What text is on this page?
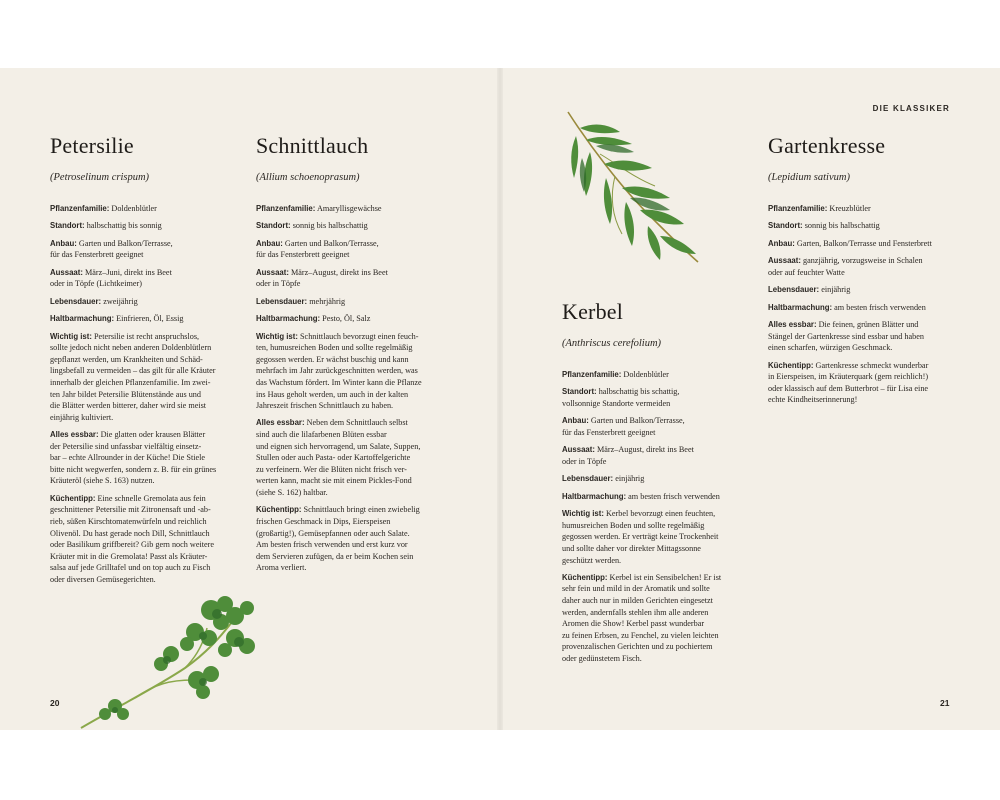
DIE KLASSIKER
Petersilie
(Petroselinum crispum)
Pflanzenfamilie: Doldenblütler
Standort: halbschattig bis sonnig
Anbau: Garten und Balkon/Terrasse,
für das Fensterbrett geeignet
Aussaat: März–Juni, direkt ins Beet
oder in Töpfe (Lichtkeimer)
Lebensdauer: zweijährig
Haltbarmachung: Einfrieren, Öl, Essig
Wichtig ist: Petersilie ist recht anspruchslos,
sollte jedoch nicht neben anderen Doldenblütlern
gepflanzt werden, um Krankheiten und Schäd-
lingsbefall zu vermeiden – das gilt für alle Kräuter
innerhalb der gleichen Pflanzenfamilie. Im zwei-
ten Jahr bildet Petersilie Blütenstände aus und
die Blätter werden bitterer, daher wird sie meist
einjährig kultiviert.
Alles essbar: Die glatten oder krausen Blätter
der Petersilie sind unfassbar vielfältig einsetz-
bar – echte Allrounder in der Küche! Die Stiele
bitte nicht wegwerfen, sondern z. B. für ein grünes
Kräuteröl (siehe S. 163) nutzen.
Küchentipp: Eine schnelle Gremolata aus fein
geschnittener Petersilie mit Zitronensaft und -ab-
rieb, süßen Kirschtomatenwürfeln und reichlich
Olivenöl. Du hast gerade noch Dill, Schnittlauch
oder Basilikum griffbereit? Gib gern noch weitere
Kräuter mit in die Gremolata! Passt als Kräuter-
salsa auf jede Grilltafel und on top auch zu Fisch
oder diversen Gemüsegerichten.
Schnittlauch
(Allium schoenoprasum)
Pflanzenfamilie: Amaryllisgewächse
Standort: sonnig bis halbschattig
Anbau: Garten und Balkon/Terrasse,
für das Fensterbrett geeignet
Aussaat: März–August, direkt ins Beet
oder in Töpfe
Lebensdauer: mehrjährig
Haltbarmachung: Pesto, Öl, Salz
Wichtig ist: Schnittlauch bevorzugt einen feuch-
ten, humusreichen Boden und sollte regelmäßig
gegossen werden. Er wächst buschig und kann
mehrfach im Jahr zurückgeschnitten werden, was
das Wachstum fördert. Im Winter kann die Pflanze
ins Haus geholt werden, um auch in der kalten
Jahreszeit frischen Schnittlauch zu haben.
Alles essbar: Neben dem Schnittlauch selbst
sind auch die lilafarbenen Blüten essbar
und eignen sich hervorragend, um Salate, Suppen,
Stullen oder auch Pasta- oder Kartoffelgerichte
zu verfeinern. Wer die Blüten nicht frisch ver-
werten kann, macht sie mit einem Pickles-Fond
(siehe S. 162) haltbar.
Küchentipp: Schnittlauch bringt einen zwiebelig
frischen Geschmack in Dips, Eierspeisen
(großartig!), Gemüsepfannen oder auch Salate.
Am besten frisch verwenden und erst kurz vor
dem Servieren zufügen, da er beim Kochen sein
Aroma verliert.
Kerbel
(Anthriscus cerefolium)
Pflanzenfamilie: Doldenblütler
Standort: halbschattig bis schattig,
vollsonnige Standorte vermeiden
Anbau: Garten und Balkon/Terrasse,
für das Fensterbrett geeignet
Aussaat: März–August, direkt ins Beet
oder in Töpfe
Lebensdauer: einjährig
Haltbarmachung: am besten frisch verwenden
Wichtig ist: Kerbel bevorzugt einen feuchten,
humusreichen Boden und sollte regelmäßig
gegossen werden. Er verträgt keine Trockenheit
und sollte daher vor direkter Mittagssonne
geschützt werden.
Küchentipp: Kerbel ist ein Sensibelchen! Er ist
sehr fein und mild in der Aromatik und sollte
daher auch nur in milden Gerichten eingesetzt
werden, andernfalls stehlen ihm alle anderen
Aromen die Show! Kerbel passt wunderbar
zu feinen Erbsen, zu Fenchel, zu vielen leichten
provenzalischen Gerichten und zu pochiertem
oder gedünstetem Fisch.
Gartenkresse
(Lepidium sativum)
Pflanzenfamilie: Kreuzblütler
Standort: sonnig bis halbschattig
Anbau: Garten, Balkon/Terrasse und Fensterbrett
Aussaat: ganzjährig, vorzugsweise in Schalen
oder auf feuchter Watte
Lebensdauer: einjährig
Haltbarmachung: am besten frisch verwenden
Alles essbar: Die feinen, grünen Blätter und
Stängel der Gartenkresse sind essbar und haben
einen scharfen, würzigen Geschmack.
Küchentipp: Gartenkresse schmeckt wunderbar
in Eierspeisen, im Kräuterquark (gern reichlich!)
oder klassisch auf dem Butterbrot – für Lisa eine
echte Kindheitserinnerung!
20	21
